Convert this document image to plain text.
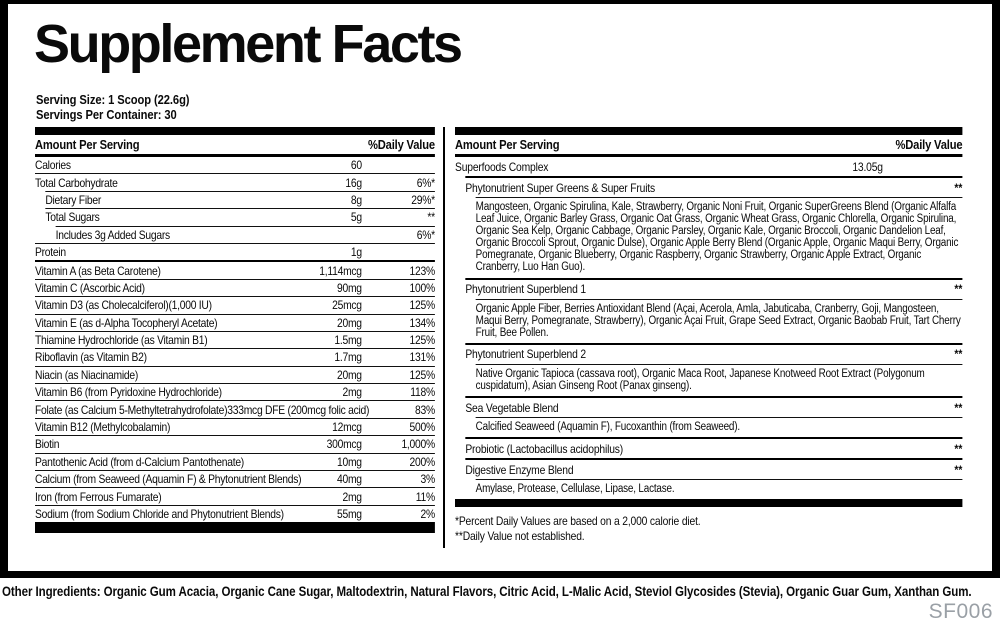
Supplement Facts
Serving Size: 1 Scoop (22.6g)
Servings Per Container: 30
Amount Per Serving	%Daily Value
Calories	60
Total Carbohydrate	16g	6%*
Dietary Fiber	8g	29%*
Total Sugars	5g	**
Includes 3g Added Sugars	6%*
Protein	1g
Vitamin A (as Beta Carotene)	1,114mcg	123%
Vitamin C (Ascorbic Acid)	90mg	100%
Vitamin D3 (as Cholecalciferol)(1,000 IU)	25mcg	125%
Vitamin E (as d-Alpha Tocopheryl Acetate)	20mg	134%
Thiamine Hydrochloride (as Vitamin B1)	1.5mg	125%
Riboflavin (as Vitamin B2)	1.7mg	131%
Niacin (as Niacinamide)	20mg	125%
Vitamin B6 (from Pyridoxine Hydrochloride)	2mg	118%
Folate (as Calcium 5-Methyltetrahydrofolate) 333mcg DFE (200mcg folic acid)	83%
Vitamin B12 (Methylcobalamin)	12mcg	500%
Biotin	300mcg	1,000%
Pantothenic Acid (from d-Calcium Pantothenate)	10mg	200%
Calcium (from Seaweed (Aquamin F) & Phytonutrient Blends)	40mg	3%
Iron (from Ferrous Fumarate)	2mg	11%
Sodium (from Sodium Chloride and Phytonutrient Blends)	55mg	2%
Amount Per Serving	%Daily Value
Superfoods Complex	13.05g
Phytonutrient Super Greens & Super Fruits	**
Mangosteen, Organic Spirulina, Kale, Strawberry, Organic Noni Fruit, Organic SuperGreens Blend (Organic Alfalfa Leaf Juice, Organic Barley Grass, Organic Oat Grass, Organic Wheat Grass, Organic Chlorella, Organic Spirulina, Organic Sea Kelp, Organic Cabbage, Organic Parsley, Organic Kale, Organic Broccoli, Organic Dandelion Leaf, Organic Broccoli Sprout, Organic Dulse), Organic Apple Berry Blend (Organic Apple, Organic Maqui Berry, Organic Pomegranate, Organic Blueberry, Organic Raspberry, Organic Strawberry, Organic Apple Extract, Organic Cranberry, Luo Han Guo).
Phytonutrient Superblend 1	**
Organic Apple Fiber, Berries Antioxidant Blend (Açai, Acerola, Amla, Jabuticaba, Cranberry, Goji, Mangosteen, Maqui Berry, Pomegranate, Strawberry), Organic Açai Fruit, Grape Seed Extract, Organic Baobab Fruit, Tart Cherry Fruit, Bee Pollen.
Phytonutrient Superblend 2	**
Native Organic Tapioca (cassava root), Organic Maca Root, Japanese Knotweed Root Extract (Polygonum cuspidatum), Asian Ginseng Root (Panax ginseng).
Sea Vegetable Blend	**
Calcified Seaweed (Aquamin F), Fucoxanthin (from Seaweed).
Probiotic (Lactobacillus acidophilus)	**
Digestive Enzyme Blend	**
Amylase, Protease, Cellulase, Lipase, Lactase.
*Percent Daily Values are based on a 2,000 calorie diet.
**Daily Value not established.
Other Ingredients: Organic Gum Acacia, Organic Cane Sugar, Maltodextrin, Natural Flavors, Citric Acid, L-Malic Acid, Steviol Glycosides (Stevia), Organic Guar Gum, Xanthan Gum.
SF006
